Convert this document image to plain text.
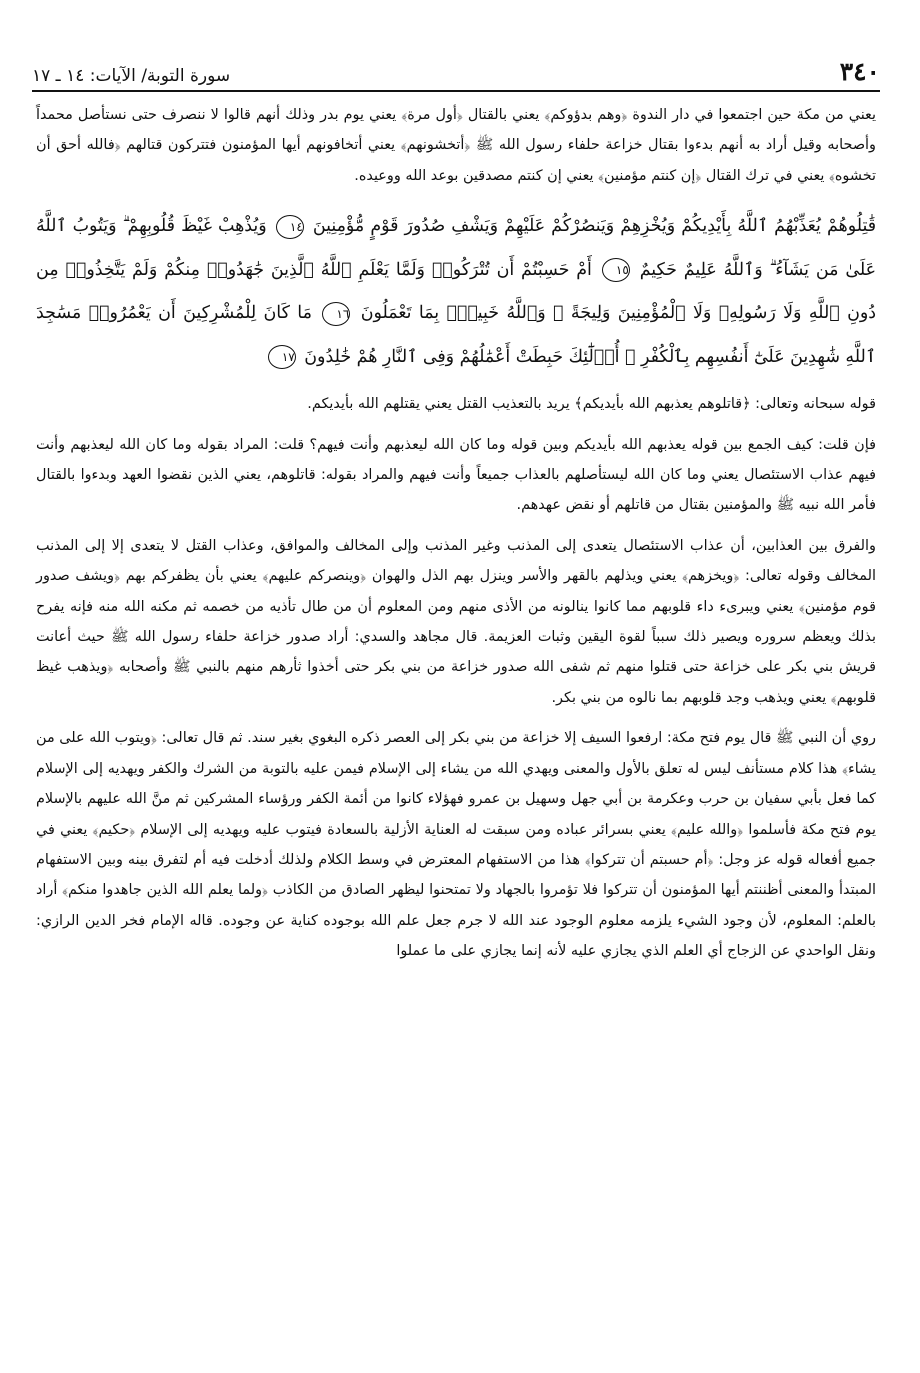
٣٤٠
سورة التوبة/ الآيات: ١٤ ـ ١٧

يعني من مكة حين اجتمعوا في دار الندوة ﴿وهم بدؤوكم﴾ يعني بالقتال ﴿أول مرة﴾ يعني يوم بدر وذلك أنهم قالوا لا ننصرف حتى نستأصل محمداً وأصحابه وقيل أراد به أنهم بدءوا بقتال خزاعة حلفاء رسول الله ﷺ ﴿أتخشونهم﴾ يعني أتخافونهم أيها المؤمنون فتتركون قتالهم ﴿فالله أحق أن تخشوه﴾ يعني في ترك القتال ﴿إن كنتم مؤمنين﴾ يعني إن كنتم مصدقين بوعد الله ووعيده.

قَٰتِلُوهُمْ يُعَذِّبْهُمُ ٱللَّهُ بِأَيْدِيكُمْ وَيُخْزِهِمْ وَيَنصُرْكُمْ عَلَيْهِمْ وَيَشْفِ صُدُورَ قَوْمٍ مُّؤْمِنِينَ ١٤ وَيُذْهِبْ غَيْظَ قُلُوبِهِمْ ۗ وَيَتُوبُ ٱللَّهُ عَلَىٰ مَن يَشَآءُ ۗ وَٱللَّهُ عَلِيمٌ حَكِيمٌ ١٥ أَمْ حَسِبْتُمْ أَن تُتْرَكُوا۟ وَلَمَّا يَعْلَمِ ٱللَّهُ ٱلَّذِينَ جَٰهَدُوا۟ مِنكُمْ وَلَمْ يَتَّخِذُوا۟ مِن دُونِ ٱللَّهِ وَلَا رَسُولِهِۦ وَلَا ٱلْمُؤْمِنِينَ وَلِيجَةً ۚ وَٱللَّهُ خَبِيرٌۢ بِمَا تَعْمَلُونَ ١٦ مَا كَانَ لِلْمُشْرِكِينَ أَن يَعْمُرُوا۟ مَسَٰجِدَ ٱللَّهِ شَٰهِدِينَ عَلَىٰٓ أَنفُسِهِم بِٱلْكُفْرِ ۚ أُو۟لَٰٓئِكَ حَبِطَتْ أَعْمَٰلُهُمْ وَفِى ٱلنَّارِ هُمْ خَٰلِدُونَ ١٧

قوله سبحانه وتعالى: ﴿قاتلوهم يعذبهم الله بأيديكم﴾ يريد بالتعذيب القتل يعني يقتلهم الله بأيديكم.

فإن قلت: كيف الجمع بين قوله يعذبهم الله بأيديكم وبين قوله وما كان الله ليعذبهم وأنت فيهم؟ قلت: المراد بقوله وما كان الله ليعذبهم وأنت فيهم عذاب الاستئصال يعني وما كان الله ليستأصلهم بالعذاب جميعاً وأنت فيهم والمراد بقوله: قاتلوهم، يعني الذين نقضوا العهد وبدءوا بالقتال فأمر الله نبيه ﷺ والمؤمنين بقتال من قاتلهم أو نقض عهدهم.

والفرق بين العذابين، أن عذاب الاستئصال يتعدى إلى المذنب وغير المذنب وإلى المخالف والموافق، وعذاب القتل لا يتعدى إلا إلى المذنب المخالف وقوله تعالى: ﴿ويخزهم﴾ يعني ويذلهم بالقهر والأسر وينزل بهم الذل والهوان ﴿وينصركم عليهم﴾ يعني بأن يظفركم بهم ﴿ويشف صدور قوم مؤمنين﴾ يعني ويبرىء داء قلوبهم مما كانوا ينالونه من الأذى منهم ومن المعلوم أن من طال تأذيه من خصمه ثم مكنه الله منه فإنه يفرح بذلك ويعظم سروره ويصير ذلك سبباً لقوة اليقين وثبات العزيمة. قال مجاهد والسدي: أراد صدور خزاعة حلفاء رسول الله ﷺ حيث أعانت قريش بني بكر على خزاعة حتى قتلوا منهم ثم شفى الله صدور خزاعة من بني بكر حتى أخذوا ثأرهم منهم بالنبي ﷺ وأصحابه ﴿ويذهب غيظ قلوبهم﴾ يعني ويذهب وجد قلوبهم بما نالوه من بني بكر.

روي أن النبي ﷺ قال يوم فتح مكة: ارفعوا السيف إلا خزاعة من بني بكر إلى العصر ذكره البغوي بغير سند. ثم قال تعالى: ﴿ويتوب الله على من يشاء﴾ هذا كلام مستأنف ليس له تعلق بالأول والمعنى ويهدي الله من يشاء إلى الإسلام فيمن عليه بالتوبة من الشرك والكفر ويهديه إلى الإسلام كما فعل بأبي سفيان بن حرب وعكرمة بن أبي جهل وسهيل بن عمرو فهؤلاء كانوا من أئمة الكفر ورؤساء المشركين ثم منَّ الله عليهم بالإسلام يوم فتح مكة فأسلموا ﴿والله عليم﴾ يعني بسرائر عباده ومن سبقت له العناية الأزلية بالسعادة فيتوب عليه ويهديه إلى الإسلام ﴿حكيم﴾ يعني في جميع أفعاله قوله عز وجل: ﴿أم حسبتم أن تتركوا﴾ هذا من الاستفهام المعترض في وسط الكلام ولذلك أدخلت فيه أم لتفرق بينه وبين الاستفهام المبتدأ والمعنى أظننتم أيها المؤمنون أن تتركوا فلا تؤمروا بالجهاد ولا تمتحنوا ليظهر الصادق من الكاذب ﴿ولما يعلم الله الذين جاهدوا منكم﴾ أراد بالعلم: المعلوم، لأن وجود الشيء يلزمه معلوم الوجود عند الله لا جرم جعل علم الله بوجوده كناية عن وجوده. قاله الإمام فخر الدين الرازي: ونقل الواحدي عن الزجاج أي العلم الذي يجازي عليه لأنه إنما يجازي على ما عملوا
